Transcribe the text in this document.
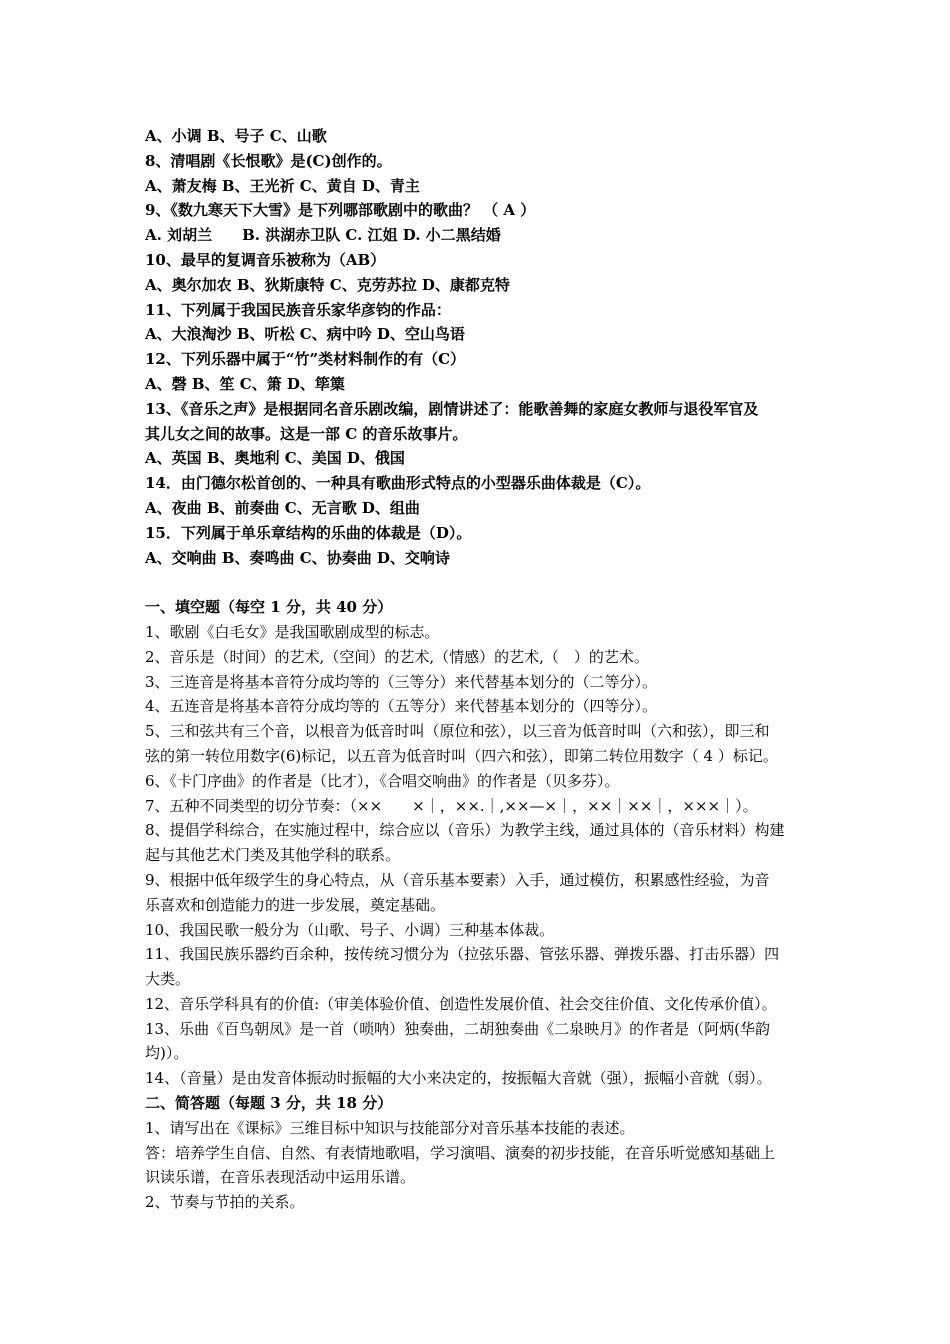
A、小调 B、号子 C、山歌
8、清唱剧《长恨歌》是(C)创作的。
A、萧友梅 B、王光祈 C、黄自 D、青主
9、《数九寒天下大雪》是下列哪部歌剧中的歌曲？ （ A ）
A. 刘胡兰　　B. 洪湖赤卫队 C. 江姐 D. 小二黑结婚
10、最早的复调音乐被称为（AB）
A、奥尔加农 B、狄斯康特 C、克劳苏拉 D、康都克特
11、下列属于我国民族音乐家华彦钧的作品：
A、大浪淘沙 B、听松 C、病中吟 D、空山鸟语
12、下列乐器中属于“竹”类材料制作的有（C）
A、磬 B、笙 C、箫 D、筚篥
13、《音乐之声》是根据同名音乐剧改编，剧情讲述了：能歌善舞的家庭女教师与退役军官及
其儿女之间的故事。这是一部 C 的音乐故事片。
A、英国 B、奥地利 C、美国 D、俄国
14．由门德尔松首创的、一种具有歌曲形式特点的小型器乐曲体裁是（C）。
A、夜曲 B、前奏曲 C、无言歌 D、组曲
15．下列属于单乐章结构的乐曲的体裁是（D）。
A、交响曲 B、奏鸣曲 C、协奏曲 D、交响诗
一、填空题（每空 1 分，共 40 分）
1、歌剧《白毛女》是我国歌剧成型的标志。
2、音乐是（时间）的艺术,（空间）的艺术,（情感）的艺术,（　）的艺术。
3、三连音是将基本音符分成均等的（三等分）来代替基本划分的（二等分）。
4、五连音是将基本音符分成均等的（五等分）来代替基本划分的（四等分）。
5、三和弦共有三个音，以根音为低音时叫（原位和弦），以三音为低音时叫（六和弦），即三和
弦的第一转位用数字(6)标记，以五音为低音时叫（四六和弦），即第二转位用数字（ 4 ）标记。
6、《卡门序曲》的作者是（比才），《合唱交响曲》的作者是（贝多芬）。
7、五种不同类型的切分节奏：（××　　×｜，××.｜,××—×｜，××｜××｜，×××｜）。
8、提倡学科综合，在实施过程中，综合应以（音乐）为教学主线，通过具体的（音乐材料）构建
起与其他艺术门类及其他学科的联系。
9、根据中低年级学生的身心特点，从（音乐基本要素）入手，通过模仿，积累感性经验，为音
乐喜欢和创造能力的进一步发展，奠定基础。
10、我国民歌一般分为（山歌、号子、小调）三种基本体裁。
11、我国民族乐器约百余种，按传统习惯分为（拉弦乐器、管弦乐器、弹拨乐器、打击乐器）四
大类。
12、音乐学科具有的价值:（审美体验价值、创造性发展价值、社会交往价值、文化传承价值）。
13、乐曲《百鸟朝凤》是一首（唢呐）独奏曲，二胡独奏曲《二泉映月》的作者是（阿炳(华韵
均)）。
14、（音量）是由发音体振动时振幅的大小来决定的，按振幅大音就（强），振幅小音就（弱）。
二、简答题（每题 3 分，共 18 分）
1、请写出在《课标》三维目标中知识与技能部分对音乐基本技能的表述。
答：培养学生自信、自然、有表情地歌唱，学习演唱、演奏的初步技能，在音乐听觉感知基础上
识读乐谱，在音乐表现活动中运用乐谱。
2、节奏与节拍的关系。
